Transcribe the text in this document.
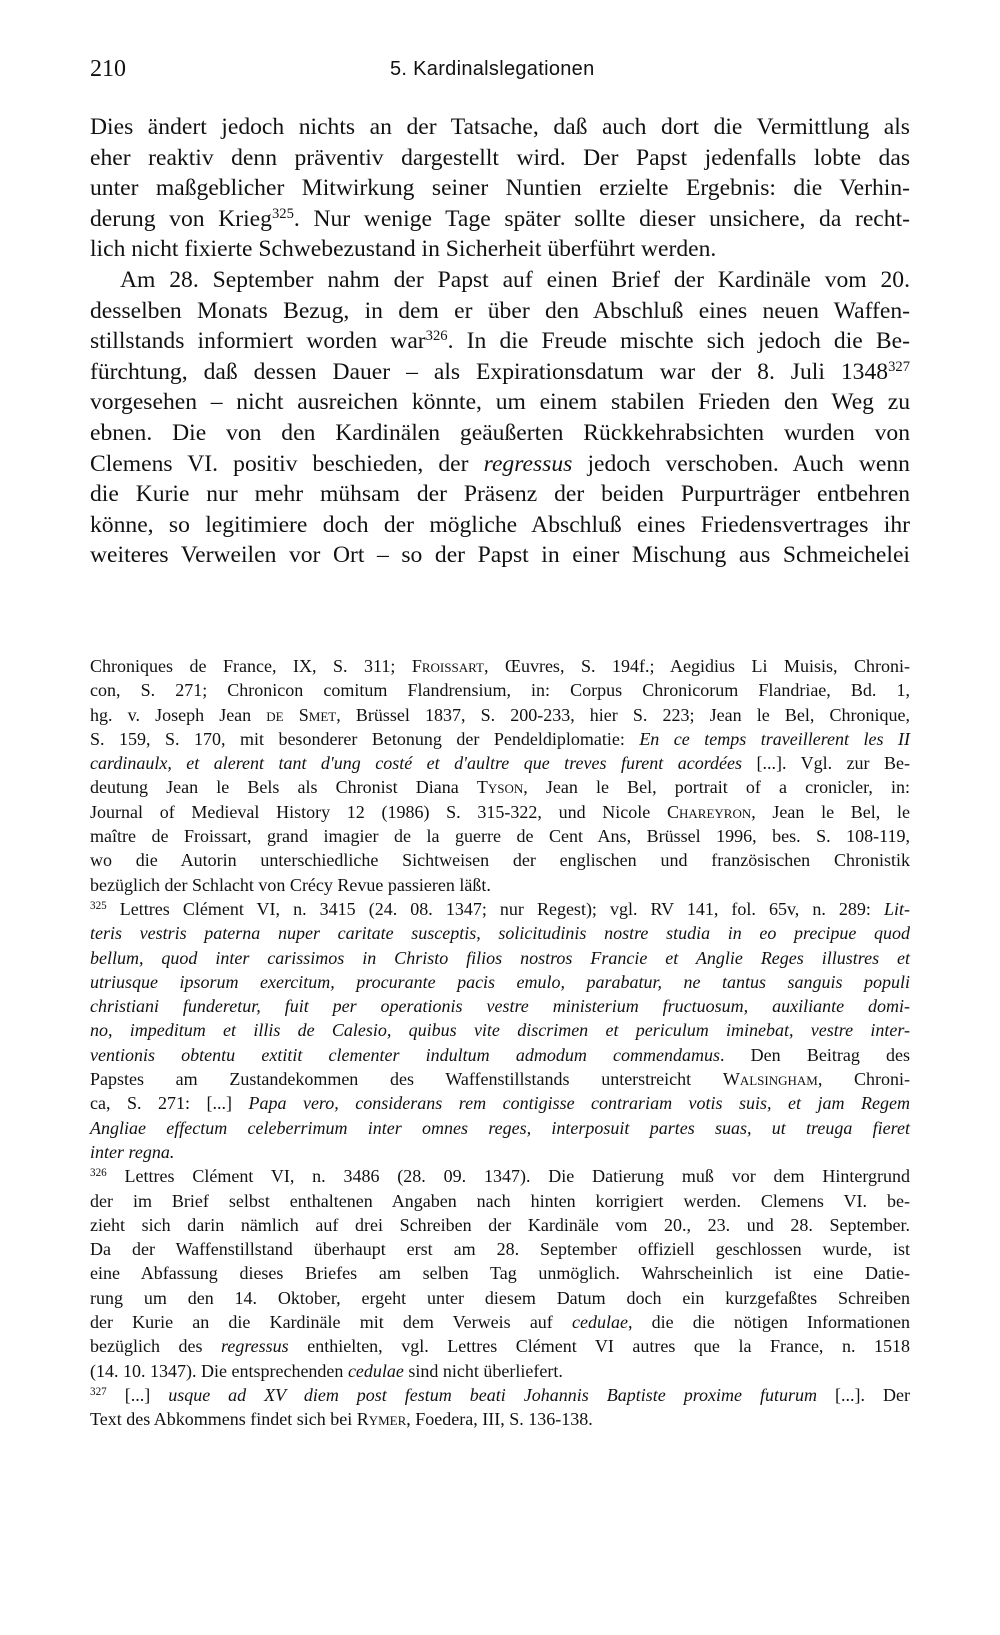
210	5. Kardinalslegationen
Dies ändert jedoch nichts an der Tatsache, daß auch dort die Vermittlung als
eher reaktiv denn präventiv dargestellt wird. Der Papst jedenfalls lobte das
unter maßgeblicher Mitwirkung seiner Nuntien erzielte Ergebnis: die Verhin-
derung von Krieg$^{325}$. Nur wenige Tage später sollte dieser unsichere, da recht-
lich nicht fixierte Schwebezustand in Sicherheit überführt werden.
Am 28. September nahm der Papst auf einen Brief der Kardinäle vom 20.
desselben Monats Bezug, in dem er über den Abschluß eines neuen Waffen-
stillstands informiert worden war$^{326}$. In die Freude mischte sich jedoch die Be-
fürchtung, daß dessen Dauer – als Expirationsdatum war der 8. Juli 1348$^{327}$
vorgesehen – nicht ausreichen könnte, um einem stabilen Frieden den Weg zu
ebnen. Die von den Kardinälen geäußerten Rückkehrabsichten wurden von
Clemens VI. positiv beschieden, der regressus jedoch verschoben. Auch wenn
die Kurie nur mehr mühsam der Präsenz der beiden Purpurträger entbehren
könne, so legitimiere doch der mögliche Abschluß eines Friedensvertrages ihr
weiteres Verweilen vor Ort – so der Papst in einer Mischung aus Schmeichelei
Chroniques de France, IX, S. 311; Froissart, Œuvres, S. 194f.; Aegidius Li Muisis, Chroni-
con, S. 271; Chronicon comitum Flandrensium, in: Corpus Chronicorum Flandriae, Bd. 1,
hg. v. Joseph Jean de Smet, Brüssel 1837, S. 200-233, hier S. 223; Jean le Bel, Chronique,
S. 159, S. 170, mit besonderer Betonung der Pendeldiplomatie: En ce temps traveillerent les II
cardinaulx, et alerent tant d'ung costé et d'aultre que treves furent acordées [...]. Vgl. zur Be-
deutung Jean le Bels als Chronist Diana Tyson, Jean le Bel, portrait of a cronicler, in:
Journal of Medieval History 12 (1986) S. 315-322, und Nicole Chareyron, Jean le Bel, le
maître de Froissart, grand imagier de la guerre de Cent Ans, Brüssel 1996, bes. S. 108-119,
wo die Autorin unterschiedliche Sichtweisen der englischen und französischen Chronistik
bezüglich der Schlacht von Crécy Revue passieren läßt.
$^{325}$ Lettres Clément VI, n. 3415 (24. 08. 1347; nur Regest); vgl. RV 141, fol. 65v, n. 289: Lit-
teris vestris paterna nuper caritate susceptis, solicitudinis nostre studia in eo precipue quod
bellum, quod inter carissimos in Christo filios nostros Francie et Anglie Reges illustres et
utriusque ipsorum exercitum, procurante pacis emulo, parabatur, ne tantus sanguis populi
christiani funderetur, fuit per operationis vestre ministerium fructuosum, auxiliante domi-
no, impeditum et illis de Calesio, quibus vite discrimen et periculum iminebat, vestre inter-
ventionis obtentu extitit clementer indultum admodum commendamus. Den Beitrag des
Papstes am Zustandekommen des Waffenstillstands unterstreicht Walsingham, Chroni-
ca, S. 271: [...] Papa vero, considerans rem contigisse contrariam votis suis, et jam Regem
Angliae effectum celeberrimum inter omnes reges, interposuit partes suas, ut treuga fieret
inter regna.
$^{326}$ Lettres Clément VI, n. 3486 (28. 09. 1347). Die Datierung muß vor dem Hintergrund
der im Brief selbst enthaltenen Angaben nach hinten korrigiert werden. Clemens VI. be-
zieht sich darin nämlich auf drei Schreiben der Kardinäle vom 20., 23. und 28. September.
Da der Waffenstillstand überhaupt erst am 28. September offiziell geschlossen wurde, ist
eine Abfassung dieses Briefes am selben Tag unmöglich. Wahrscheinlich ist eine Datie-
rung um den 14. Oktober, ergeht unter diesem Datum doch ein kurzgefaßtes Schreiben
der Kurie an die Kardinäle mit dem Verweis auf cedulae, die die nötigen Informationen
bezüglich des regressus enthielten, vgl. Lettres Clément VI autres que la France, n. 1518
(14. 10. 1347). Die entsprechenden cedulae sind nicht überliefert.
$^{327}$ [...] usque ad XV diem post festum beati Johannis Baptiste proxime futurum [...]. Der
Text des Abkommens findet sich bei Rymer, Foedera, III, S. 136-138.
